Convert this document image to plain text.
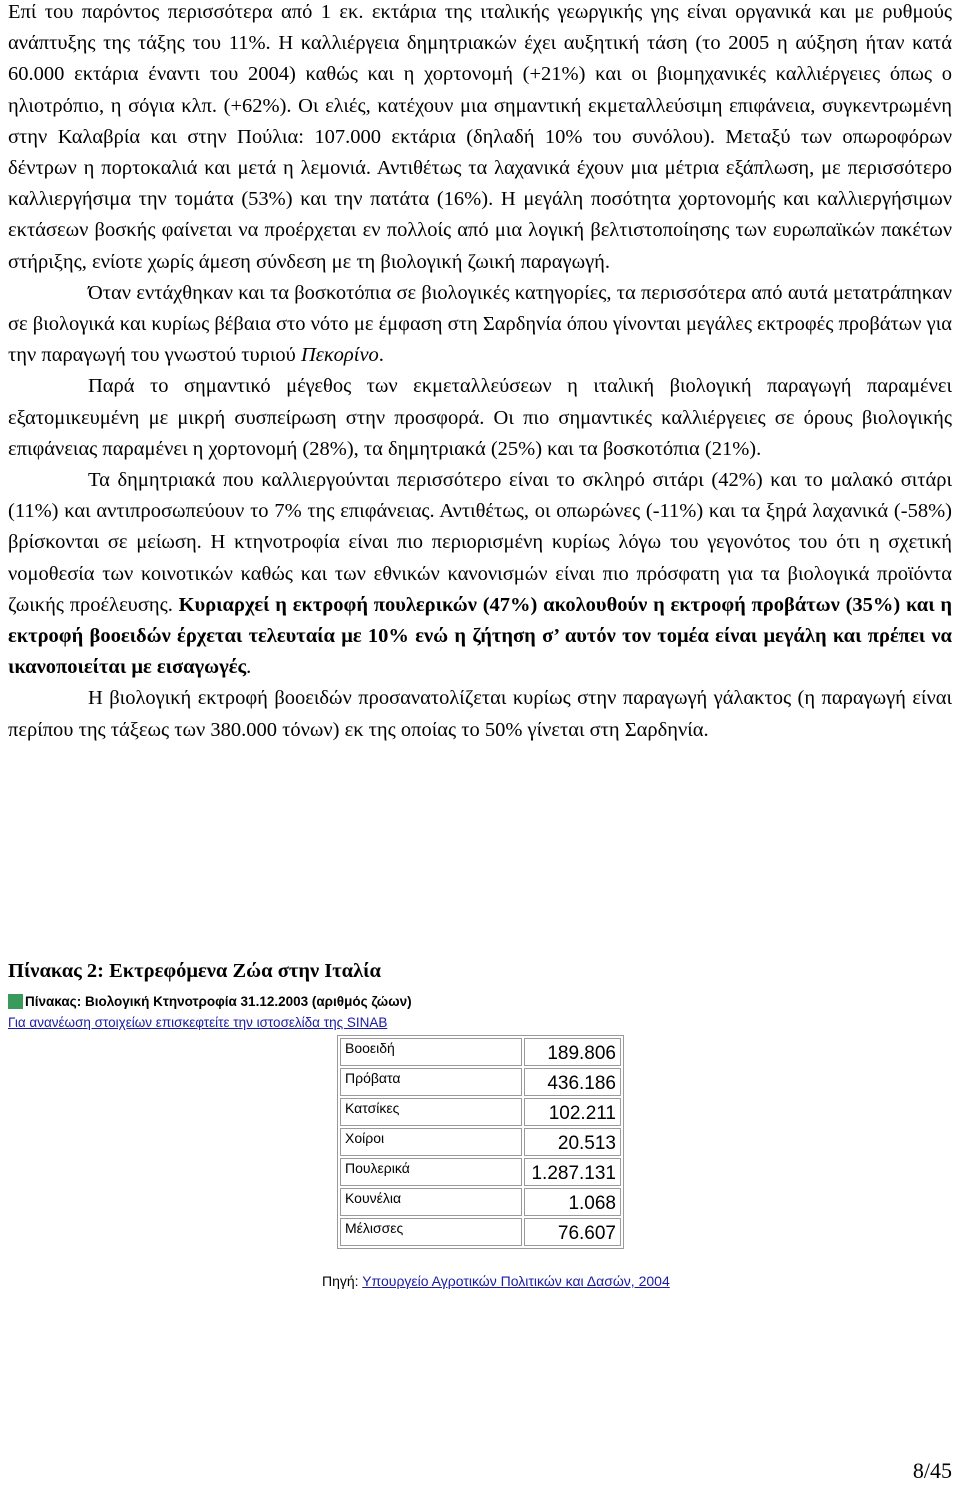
Επί του παρόντος περισσότερα από 1 εκ. εκτάρια της ιταλικής γεωργικής γης είναι οργανικά και με ρυθμούς ανάπτυξης της τάξης του 11%. Η καλλιέργεια δημητριακών έχει αυξητική τάση (το 2005 η αύξηση ήταν κατά 60.000 εκτάρια έναντι του 2004) καθώς και η χορτονομή (+21%) και οι βιομηχανικές καλλιέργειες όπως ο ηλιοτρόπιο, η σόγια κλπ. (+62%). Οι ελιές, κατέχουν μια σημαντική εκμεταλλεύσιμη επιφάνεια, συγκεντρωμένη στην Καλαβρία και στην Πούλια: 107.000 εκτάρια (δηλαδή 10% του συνόλου). Μεταξύ των οπωροφόρων δέντρων η πορτοκαλιά και μετά η λεμονιά. Αντιθέτως τα λαχανικά έχουν μια μέτρια εξάπλωση, με περισσότερο καλλιεργήσιμα την τομάτα (53%) και την πατάτα (16%). Η μεγάλη ποσότητα χορτονομής και καλλιεργήσιμων εκτάσεων βοσκής φαίνεται να προέρχεται εν πολλοίς από μια λογική βελτιστοποίησης των ευρωπαϊκών πακέτων στήριξης, ενίοτε χωρίς άμεση σύνδεση με τη βιολογική ζωική παραγωγή.

Όταν εντάχθηκαν και τα βοσκοτόπια σε βιολογικές κατηγορίες, τα περισσότερα από αυτά μετατράπηκαν σε βιολογικά και κυρίως βέβαια στο νότο με έμφαση στη Σαρδηνία όπου γίνονται μεγάλες εκτροφές προβάτων για την παραγωγή του γνωστού τυριού Πεκορίνο.

Παρά το σημαντικό μέγεθος των εκμεταλλεύσεων η ιταλική βιολογική παραγωγή παραμένει εξατομικευμένη με μικρή συσπείρωση στην προσφορά. Οι πιο σημαντικές καλλιέργειες σε όρους βιολογικής επιφάνειας παραμένει η χορτονομή (28%), τα δημητριακά (25%) και τα βοσκοτόπια (21%).

Τα δημητριακά που καλλιεργούνται περισσότερο είναι το σκληρό σιτάρι (42%) και το μαλακό σιτάρι (11%) και αντιπροσωπεύουν το 7% της επιφάνειας. Αντιθέτως, οι οπωρώνες (-11%) και τα ξηρά λαχανικά (-58%) βρίσκονται σε μείωση. Η κτηνοτροφία είναι πιο περιορισμένη κυρίως λόγω του γεγονότος του ότι η σχετική νομοθεσία των κοινοτικών καθώς και των εθνικών κανονισμών είναι πιο πρόσφατη για τα βιολογικά προϊόντα ζωικής προέλευσης. Κυριαρχεί η εκτροφή πουλερικών (47%) ακολουθούν η εκτροφή προβάτων (35%) και η εκτροφή βοοειδών έρχεται τελευταία με 10% ενώ η ζήτηση σ’ αυτόν τον τομέα είναι μεγάλη και πρέπει να ικανοποιείται με εισαγωγές.

Η βιολογική εκτροφή βοοειδών προσανατολίζεται κυρίως στην παραγωγή γάλακτος (η παραγωγή είναι περίπου της τάξεως των 380.000 τόνων) εκ της οποίας το 50% γίνεται στη Σαρδηνία.

Πίνακας 2: Εκτρεφόμενα Ζώα στην Ιταλία

Πίνακας: Βιολογική Κτηνοτροφία 31.12.2003 (αριθμός ζώων)
Για ανανέωση στοιχείων επισκεφτείτε την ιστοσελίδα της SINAB
Βοοειδή	189.806
Πρόβατα	436.186
Κατσίκες	102.211
Χοίροι	20.513
Πουλερικά	1.287.131
Κουνέλια	1.068
Μέλισσες	76.607
Πηγή: Υπουργείο Αγροτικών Πολιτικών και Δασών, 2004
8/45
